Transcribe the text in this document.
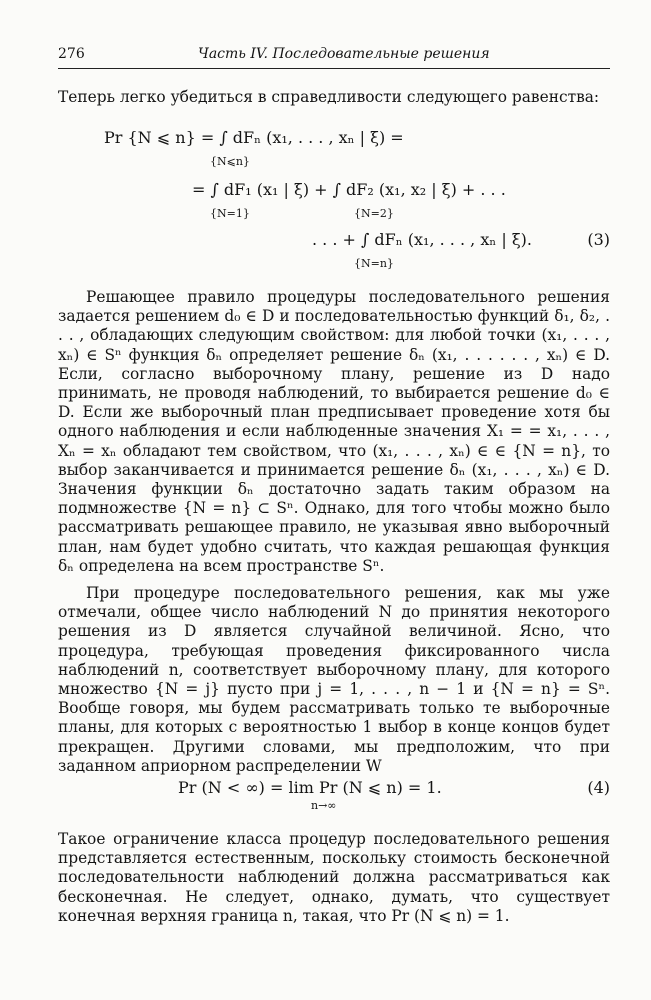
276	Часть IV. Последовательные решения
Теперь легко убедиться в справедливости следующего равенства:
Pr {N ⩽ n} = ∫ dFₙ (x₁, . . . , xₙ | ξ) =
{N⩽n}
= ∫ dF₁ (x₁ | ξ) + ∫ dF₂ (x₁, x₂ | ξ) + . . .
{N=1}	{N=2}
. . . + ∫ dFₙ (x₁, . . . , xₙ | ξ).
{N=n}
(3)
Решающее правило процедуры последовательного решения задается решением d₀ ∈ D и последовательностью функций δ₁, δ₂, . . . , обладающих следующим свойством: для любой точки (x₁, . . . , xₙ) ∈ Sⁿ функция δₙ определяет решение δₙ (x₁, . . . . . . , xₙ) ∈ D. Если, согласно выборочному плану, решение из D надо принимать, не проводя наблюдений, то выбирается решение d₀ ∈ D. Если же выборочный план предписывает проведение хотя бы одного наблюдения и если наблюденные значения X₁ = = x₁, . . . , Xₙ = xₙ обладают тем свойством, что (x₁, . . . , xₙ) ∈ ∈ {N = n}, то выбор заканчивается и принимается решение δₙ (x₁, . . . , xₙ) ∈ D. Значения функции δₙ достаточно задать таким образом на подмножестве {N = n} ⊂ Sⁿ. Однако, для того чтобы можно было рассматривать решающее правило, не указывая явно выборочный план, нам будет удобно считать, что каждая решающая функция δₙ определена на всем пространстве Sⁿ.
При процедуре последовательного решения, как мы уже отмечали, общее число наблюдений N до принятия некоторого решения из D является случайной величиной. Ясно, что процедура, требующая проведения фиксированного числа наблюдений n, соответствует выборочному плану, для которого множество {N = j} пусто при j = 1, . . . , n − 1 и {N = n} = Sⁿ. Вообще говоря, мы будем рассматривать только те выборочные планы, для которых с вероятностью 1 выбор в конце концов будет прекращен. Другими словами, мы предположим, что при заданном априорном распределении W
Pr (N < ∞) = lim Pr (N ⩽ n) = 1.
n→∞
(4)
Такое ограничение класса процедур последовательного решения представляется естественным, поскольку стоимость бесконечной последовательности наблюдений должна рассматриваться как бесконечная. Не следует, однако, думать, что существует конечная верхняя граница n, такая, что Pr (N ⩽ n) = 1.
